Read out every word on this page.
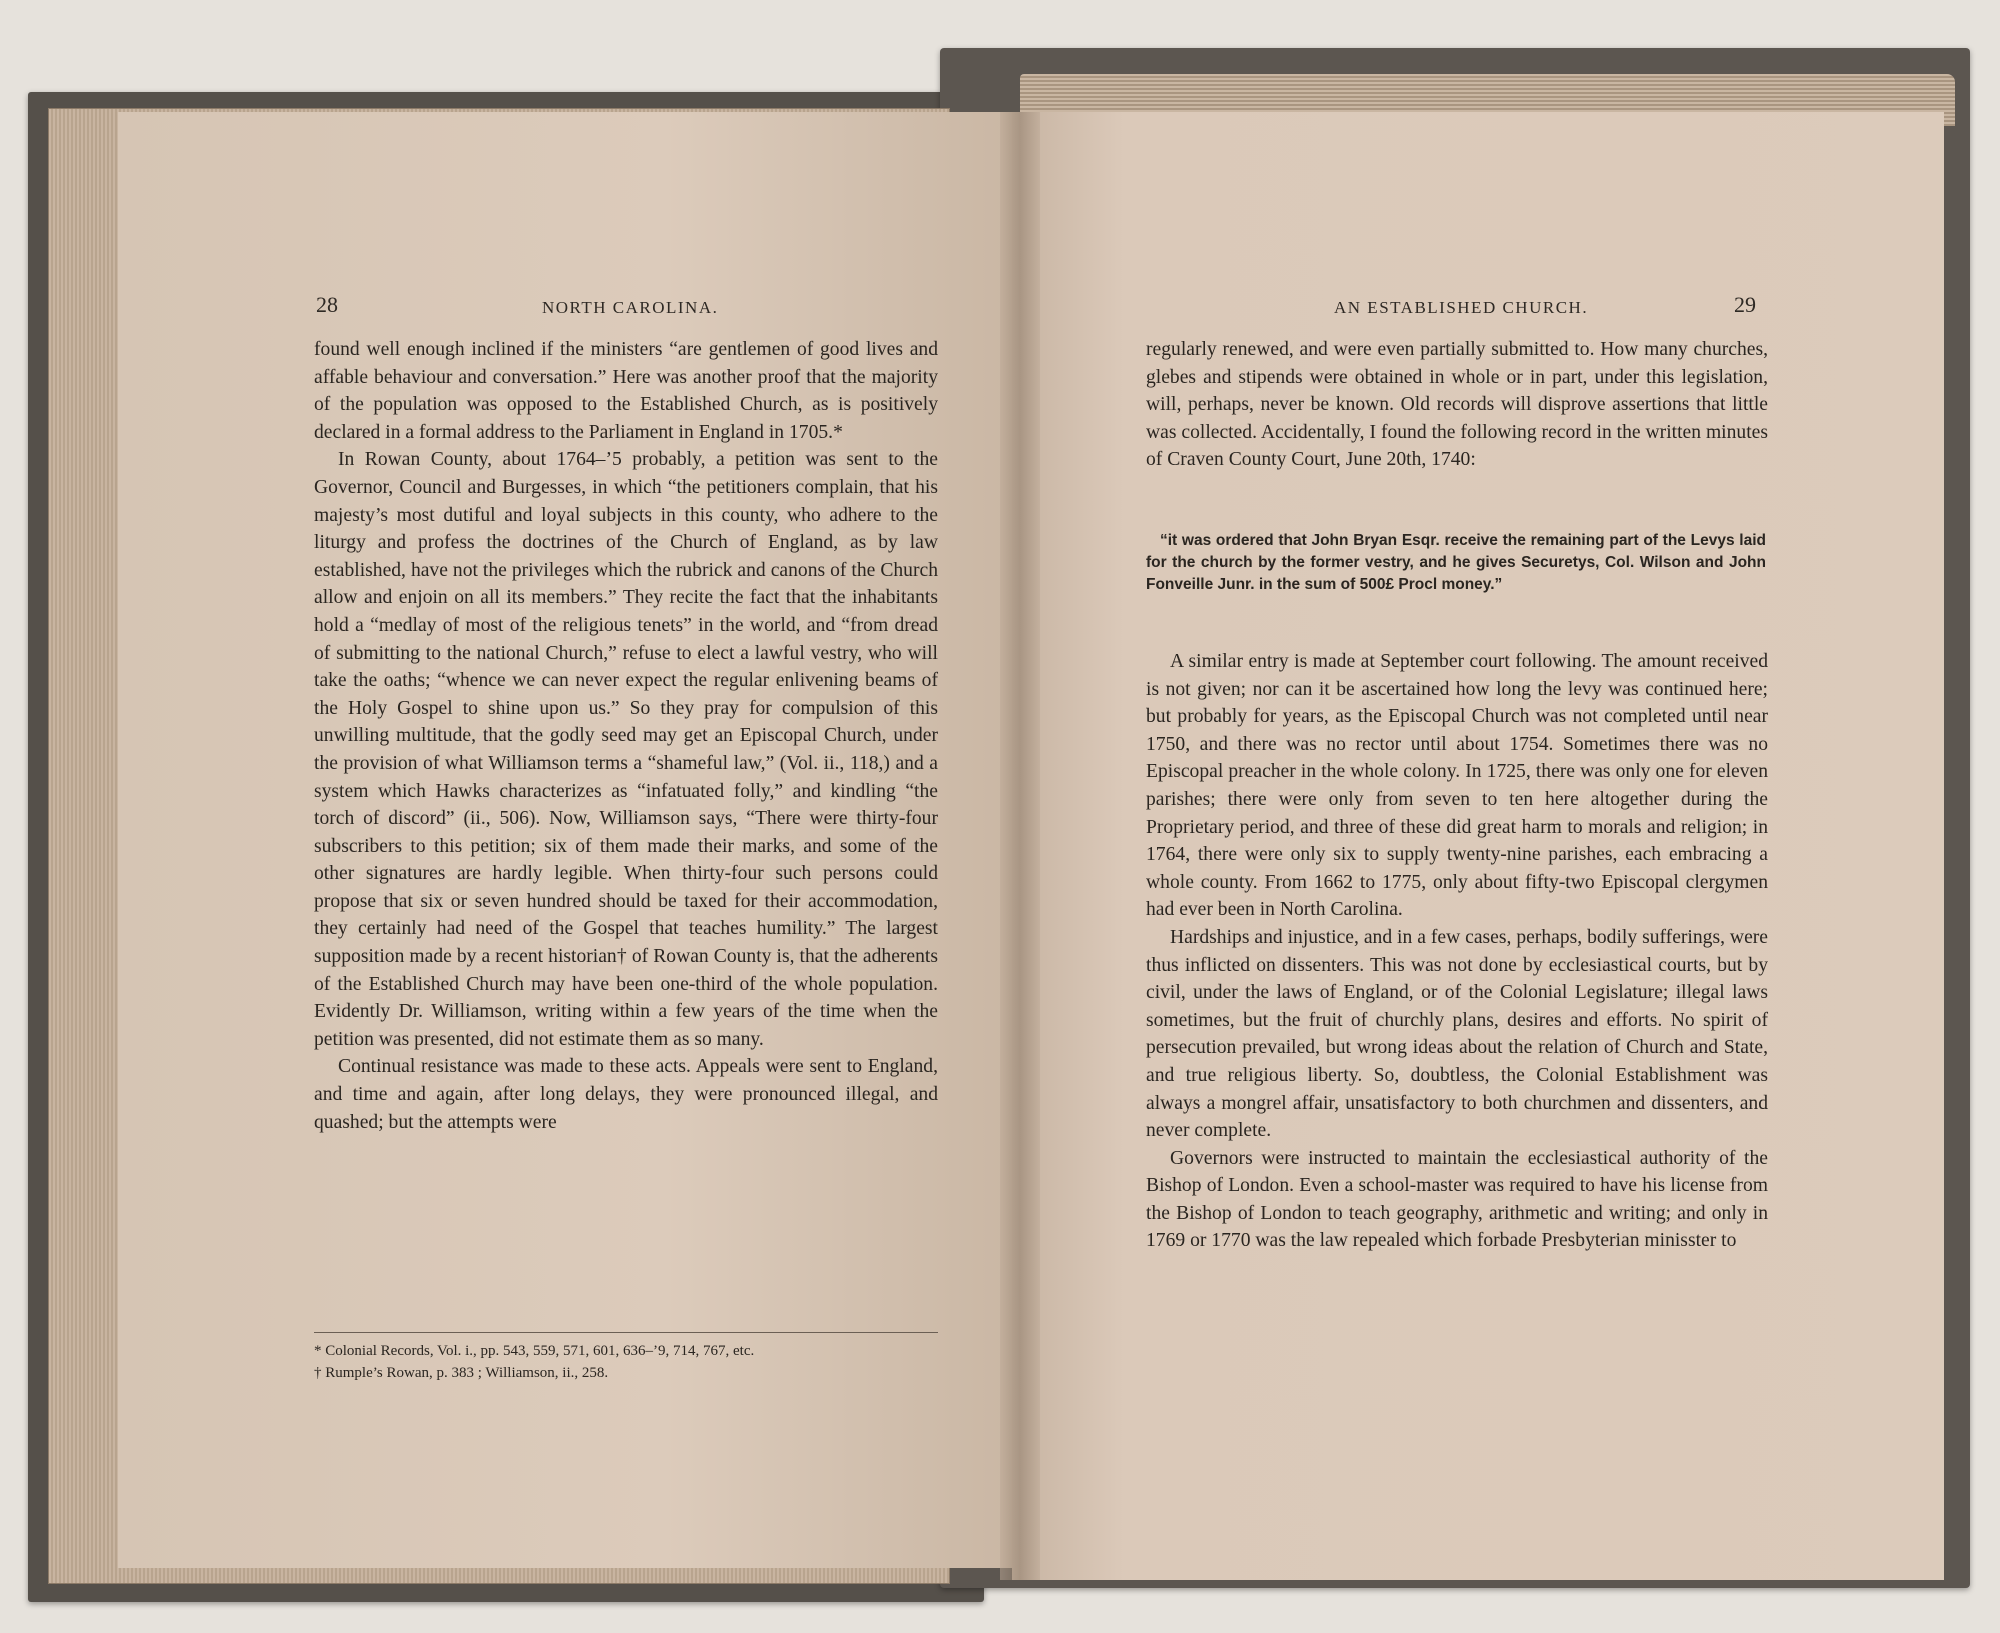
28	NORTH CAROLINA.

found well enough inclined if the ministers “are gentlemen of good lives and affable behaviour and conversation.” Here was another proof that the majority of the population was opposed to the Established Church, as is positively declared in a formal address to the Parliament in England in 1705.*

In Rowan County, about 1764–’5 probably, a petition was sent to the Governor, Council and Burgesses, in which “the petitioners complain, that his majesty’s most dutiful and loyal subjects in this county, who adhere to the liturgy and profess the doctrines of the Church of England, as by law established, have not the privileges which the rubrick and canons of the Church allow and enjoin on all its members.” They recite the fact that the inhabitants hold a “medlay of most of the religious tenets” in the world, and “from dread of submitting to the national Church,” refuse to elect a lawful vestry, who will take the oaths; “whence we can never expect the regular enlivening beams of the Holy Gospel to shine upon us.” So they pray for compulsion of this unwilling multitude, that the godly seed may get an Episcopal Church, under the provision of what Williamson terms a “shameful law,” (Vol. ii., 118,) and a system which Hawks characterizes as “infatuated folly,” and kindling “the torch of discord” (ii., 506). Now, Williamson says, “There were thirty-four subscribers to this petition; six of them made their marks, and some of the other signatures are hardly legible. When thirty-four such persons could propose that six or seven hundred should be taxed for their accommodation, they certainly had need of the Gospel that teaches humility.” The largest supposition made by a recent historian† of Rowan County is, that the adherents of the Established Church may have been one-third of the whole population. Evidently Dr. Williamson, writing within a few years of the time when the petition was presented, did not estimate them as so many.

Continual resistance was made to these acts. Appeals were sent to England, and time and again, after long delays, they were pronounced illegal, and quashed; but the attempts were

* Colonial Records, Vol. i., pp. 543, 559, 571, 601, 636–’9, 714, 767, etc.
† Rumple’s Rowan, p. 383 ; Williamson, ii., 258.
AN ESTABLISHED CHURCH.	29

regularly renewed, and were even partially submitted to. How many churches, glebes and stipends were obtained in whole or in part, under this legislation, will, perhaps, never be known. Old records will disprove assertions that little was collected. Accidentally, I found the following record in the written minutes of Craven County Court, June 20th, 1740:

“it was ordered that John Bryan Esqr. receive the remaining part of the Levys laid for the church by the former vestry, and he gives Securetys, Col. Wilson and John Fonveille Junr. in the sum of 500£ Procl money.”

A similar entry is made at September court following. The amount received is not given; nor can it be ascertained how long the levy was continued here; but probably for years, as the Episcopal Church was not completed until near 1750, and there was no rector until about 1754. Sometimes there was no Episcopal preacher in the whole colony. In 1725, there was only one for eleven parishes; there were only from seven to ten here altogether during the Proprietary period, and three of these did great harm to morals and religion; in 1764, there were only six to supply twenty-nine parishes, each embracing a whole county. From 1662 to 1775, only about fifty-two Episcopal clergymen had ever been in North Carolina.

Hardships and injustice, and in a few cases, perhaps, bodily sufferings, were thus inflicted on dissenters. This was not done by ecclesiastical courts, but by civil, under the laws of England, or of the Colonial Legislature; illegal laws sometimes, but the fruit of churchly plans, desires and efforts. No spirit of persecution prevailed, but wrong ideas about the relation of Church and State, and true religious liberty. So, doubtless, the Colonial Establishment was always a mongrel affair, unsatisfactory to both churchmen and dissenters, and never complete.

Governors were instructed to maintain the ecclesiastical authority of the Bishop of London. Even a school-master was required to have his license from the Bishop of London to teach geography, arithmetic and writing; and only in 1769 or 1770 was the law repealed which forbade Presbyterian minisster to
